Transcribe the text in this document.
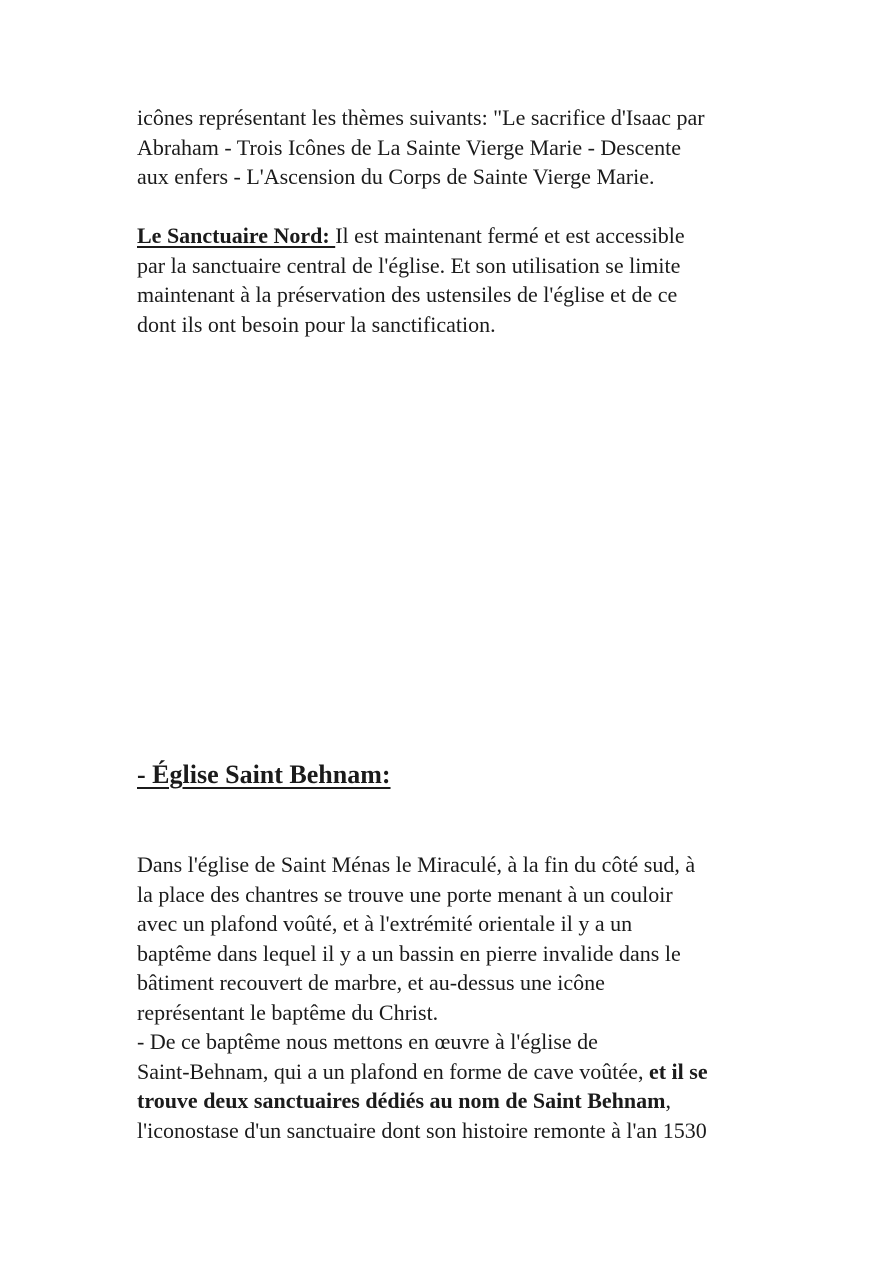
icônes représentant les thèmes suivants: "Le sacrifice d'Isaac par
Abraham - Trois Icônes de La Sainte Vierge Marie - Descente
aux enfers - L'Ascension du Corps de Sainte Vierge Marie.
Le Sanctuaire Nord: Il est maintenant fermé et est accessible
par la sanctuaire central de l'église. Et son utilisation se limite
maintenant à la préservation des ustensiles de l'église et de ce
dont ils ont besoin pour la sanctification.
- Église Saint Behnam:
Dans l'église de Saint Ménas le Miraculé, à la fin du côté sud, à
la place des chantres se trouve une porte menant à un couloir
avec un plafond voûté, et à l'extrémité orientale il y a un
baptême dans lequel il y a un bassin en pierre invalide dans le
bâtiment recouvert de marbre, et au-dessus une icône
représentant le baptême du Christ.
- De ce baptême nous mettons en œuvre à l'église de
Saint-Behnam, qui a un plafond en forme de cave voûtée, et il se
trouve deux sanctuaires dédiés au nom de Saint Behnam,
l'iconostase d'un sanctuaire dont son histoire remonte à l'an 1530
